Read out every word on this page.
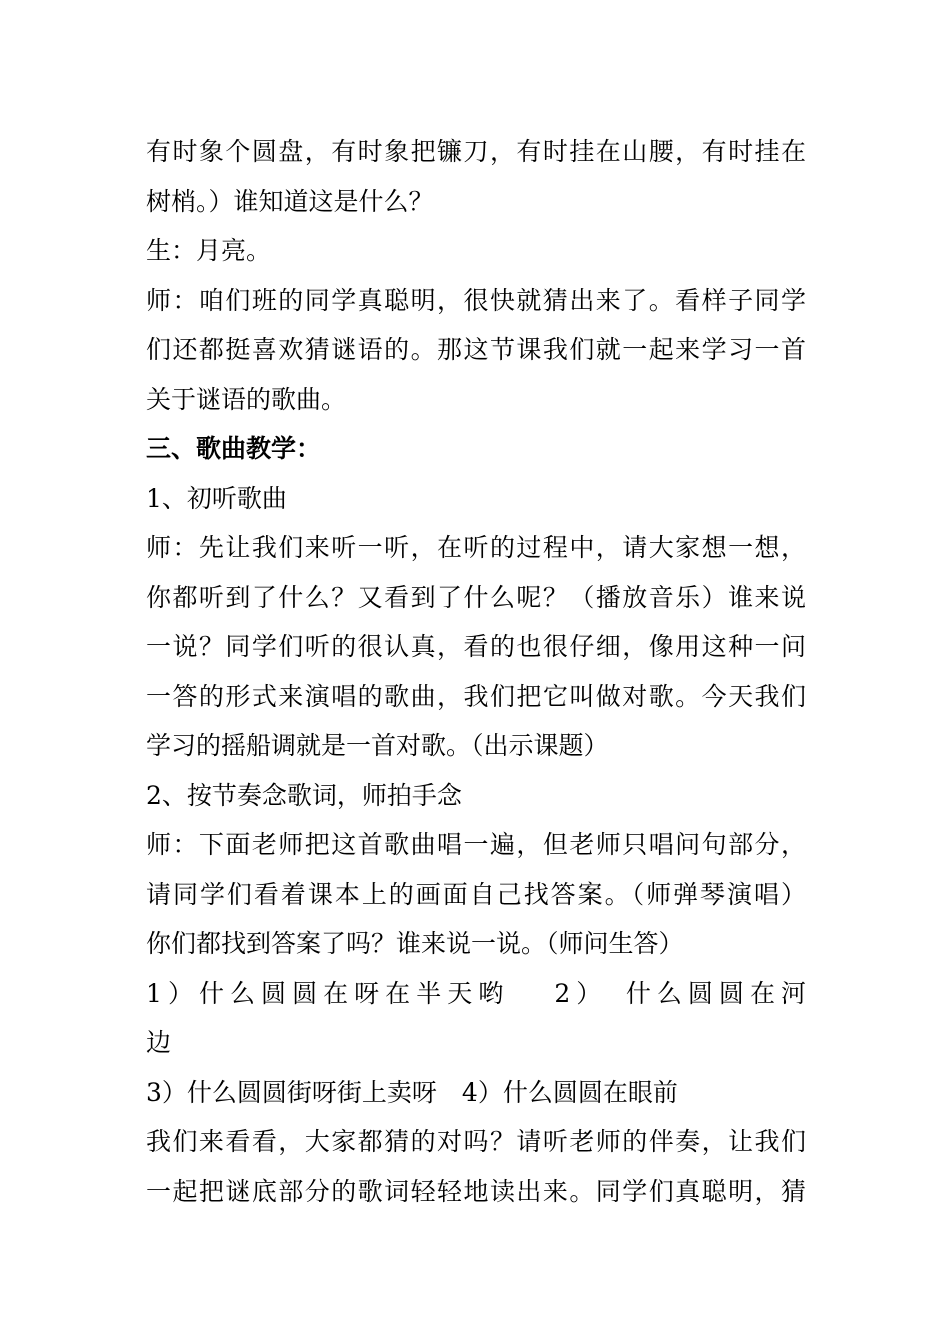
有时象个圆盘，有时象把镰刀，有时挂在山腰，有时挂在
树梢。）谁知道这是什么？
生：月亮。
师：咱们班的同学真聪明，很快就猜出来了。看样子同学
们还都挺喜欢猜谜语的。那这节课我们就一起来学习一首
关于谜语的歌曲。
三、歌曲教学：
1、初听歌曲
师：先让我们来听一听，在听的过程中，请大家想一想，
你都听到了什么？又看到了什么呢？（播放音乐）谁来说
一说？同学们听的很认真，看的也很仔细，像用这种一问
一答的形式来演唱的歌曲，我们把它叫做对歌。今天我们
学习的摇船调就是一首对歌。（出示课题）
2、按节奏念歌词，师拍手念
师：下面老师把这首歌曲唱一遍，但老师只唱问句部分，
请同学们看着课本上的画面自己找答案。（师弹琴演唱）
你们都找到答案了吗？谁来说一说。（师问生答）
1）什么圆圆在呀在半天哟　 2）　什么圆圆在河
边
3）什么圆圆街呀街上卖呀　4）什么圆圆在眼前
我们来看看，大家都猜的对吗？请听老师的伴奏，让我们
一起把谜底部分的歌词轻轻地读出来。同学们真聪明，猜
